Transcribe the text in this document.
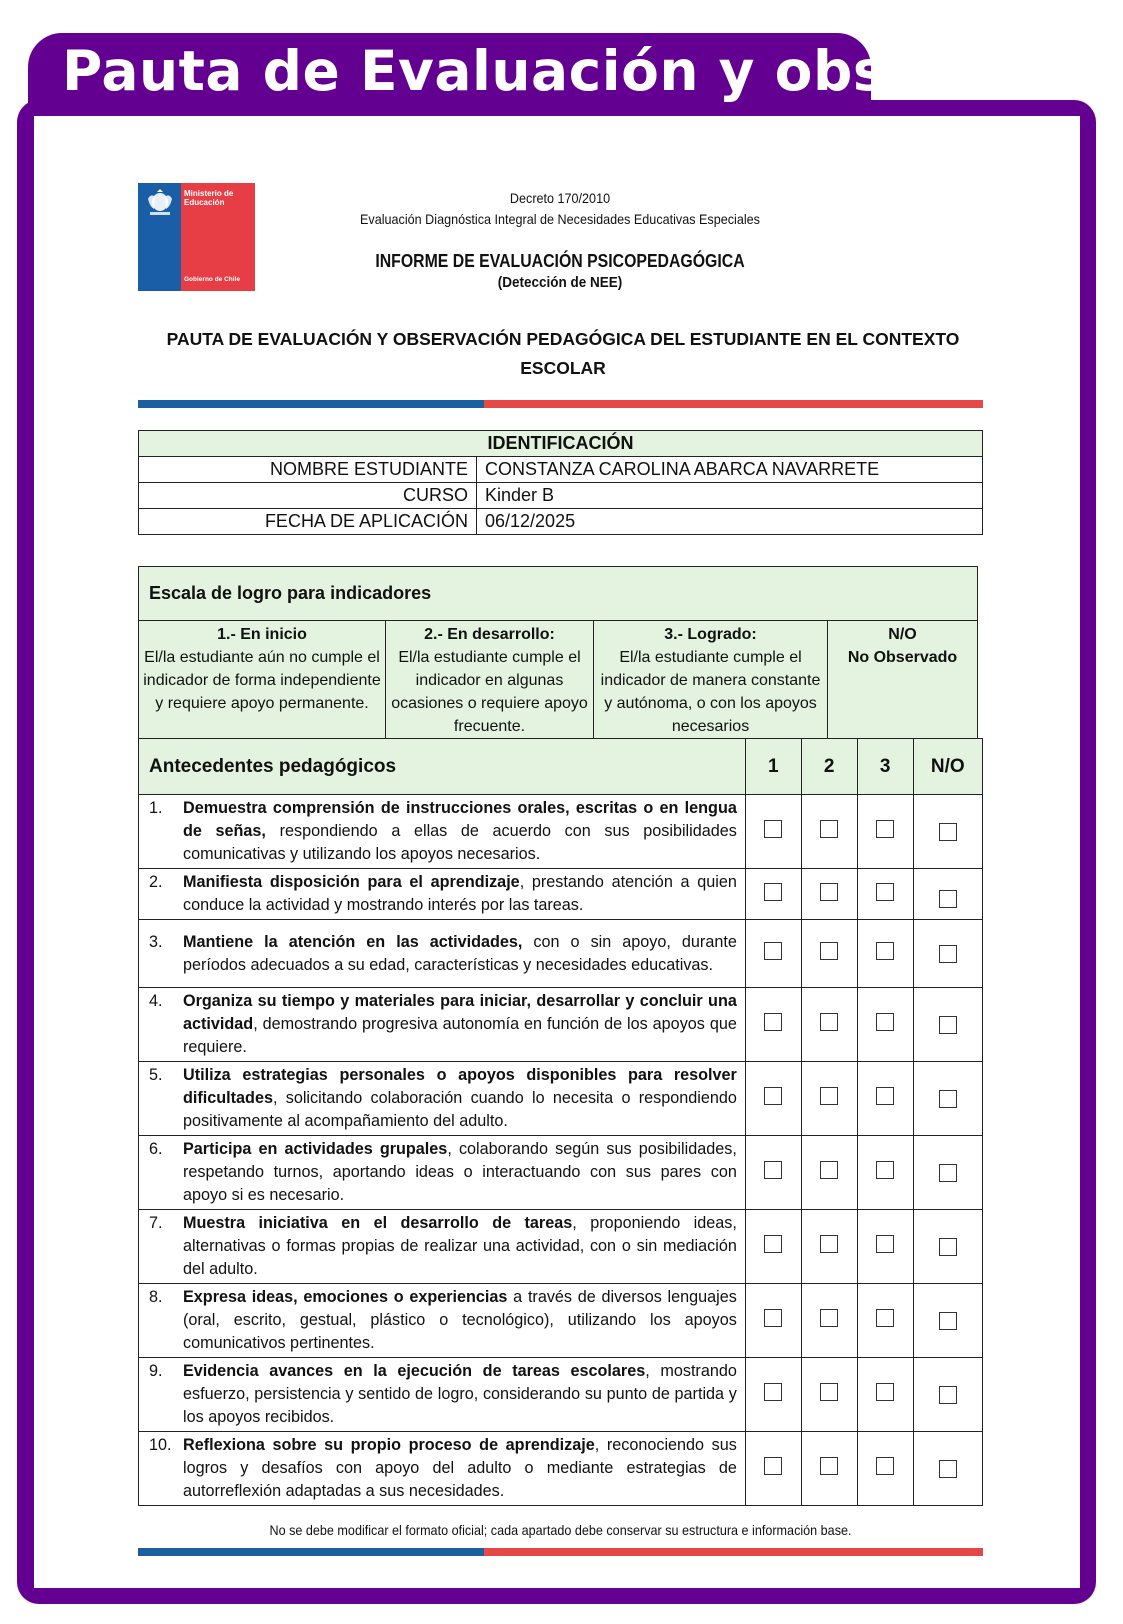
Pauta de Evaluación y obs.
Ministerio de Educación
Gobierno de Chile
Decreto 170/2010
Evaluación Diagnóstica Integral de Necesidades Educativas Especiales
INFORME DE EVALUACIÓN PSICOPEDAGÓGICA
(Detección de NEE)
PAUTA DE EVALUACIÓN Y OBSERVACIÓN PEDAGÓGICA DEL ESTUDIANTE EN EL CONTEXTO ESCOLAR
IDENTIFICACIÓN	
NOMBRE ESTUDIANTE	CONSTANZA CAROLINA ABARCA NAVARRETE
CURSO	Kinder B
FECHA DE APLICACIÓN	06/12/2025
Escala de logro para indicadores

1.- En inicio
El/la estudiante aún no cumple el indicador de forma independiente y requiere apoyo permanente.	
2.- En desarrollo:
El/la estudiante cumple el indicador en algunas ocasiones o requiere apoyo frecuente.	
3.- Logrado:
El/la estudiante cumple el indicador de manera constante y autónoma, o con los apoyos necesarios	
N/O
No Observado
Antecedentes pedagógicos	1	2	3	N/O

1. Demuestra comprensión de instrucciones orales, escritas o en lengua de señas, respondiendo a ellas de acuerdo con sus posibilidades comunicativas y utilizando los apoyos necesarios.				

2. Manifiesta disposición para el aprendizaje, prestando atención a quien conduce la actividad y mostrando interés por las tareas.				

3. Mantiene la atención en las actividades, con o sin apoyo, durante períodos adecuados a su edad, características y necesidades educativas.				

4. Organiza su tiempo y materiales para iniciar, desarrollar y concluir una actividad, demostrando progresiva autonomía en función de los apoyos que requiere.				

5. Utiliza estrategias personales o apoyos disponibles para resolver dificultades, solicitando colaboración cuando lo necesita o respondiendo positivamente al acompañamiento del adulto.				

6. Participa en actividades grupales, colaborando según sus posibilidades, respetando turnos, aportando ideas o interactuando con sus pares con apoyo si es necesario.				

7. Muestra iniciativa en el desarrollo de tareas, proponiendo ideas, alternativas o formas propias de realizar una actividad, con o sin mediación del adulto.				

8. Expresa ideas, emociones o experiencias a través de diversos lenguajes (oral, escrito, gestual, plástico o tecnológico), utilizando los apoyos comunicativos pertinentes.				

9. Evidencia avances en la ejecución de tareas escolares, mostrando esfuerzo, persistencia y sentido de logro, considerando su punto de partida y los apoyos recibidos.				

10. Reflexiona sobre su propio proceso de aprendizaje, reconociendo sus logros y desafíos con apoyo del adulto o mediante estrategias de autorreflexión adaptadas a sus necesidades.				

No se debe modificar el formato oficial; cada apartado debe conservar su estructura e información base.
